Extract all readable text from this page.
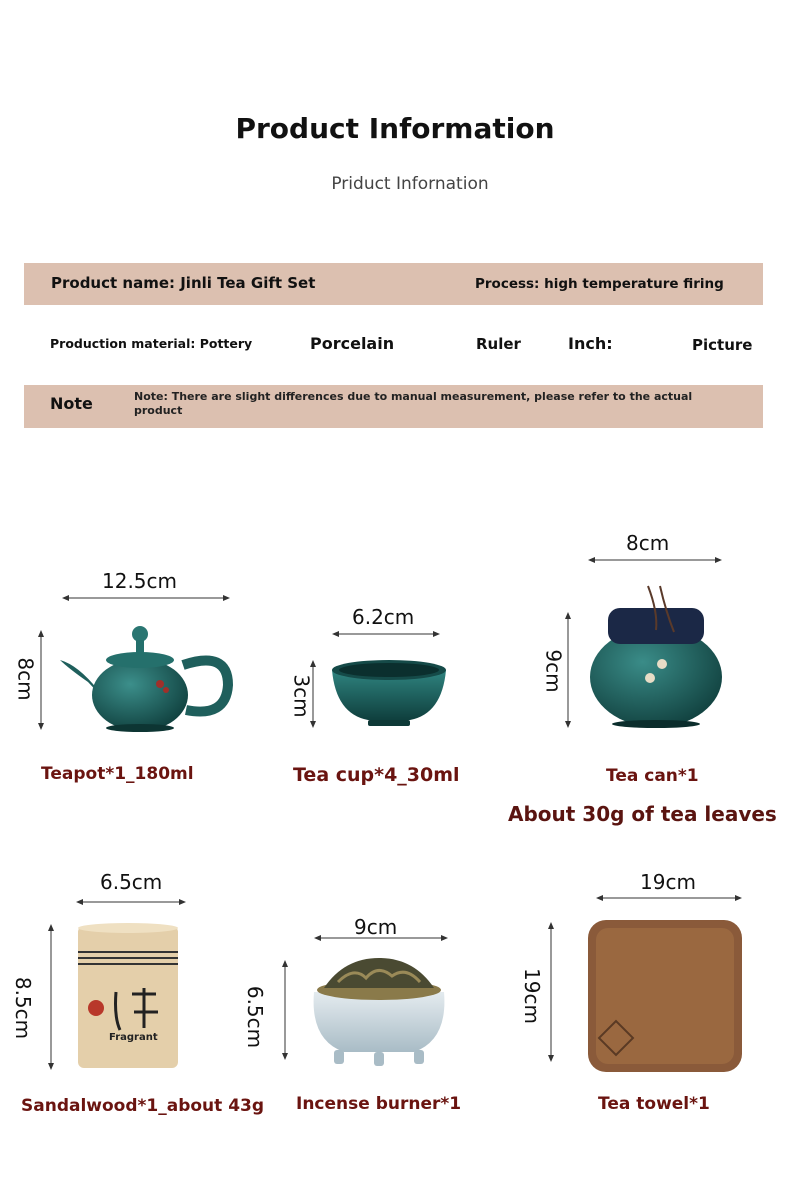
Product Information
Priduct Infornation
Product name: Jinli Tea Gift Set	Process: high temperature firing
Production material: Pottery	Porcelain	Ruler	Inch:	Picture
Note	Note: There are slight differences due to manual measurement, please refer to the actual product
12.5cm
8cm
Teapot*1_180ml
6.2cm
3cm
Tea cup*4_30ml
8cm
9cm
Tea can*1
About 30g of tea leaves
6.5cm
8.5cm	Fragrant
Sandalwood*1_about 43g
9cm
6.5cm
Incense burner*1
19cm
19cm
Tea towel*1
